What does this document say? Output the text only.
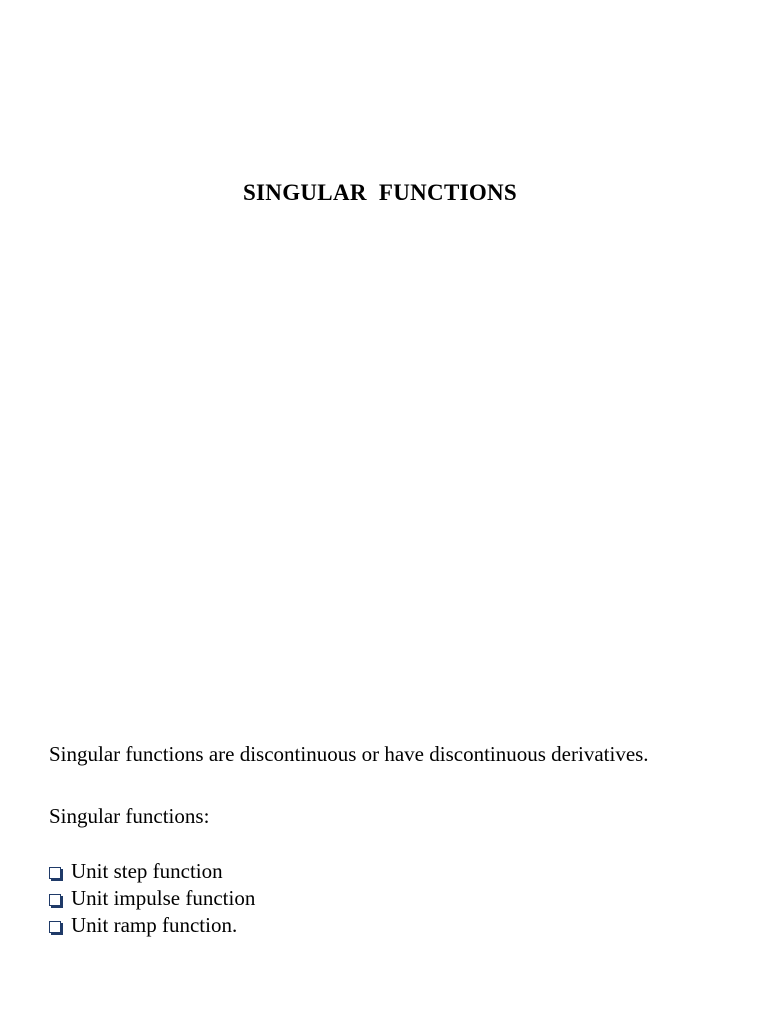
SINGULAR  FUNCTIONS
Singular functions are discontinuous or have discontinuous derivatives.
Singular functions:
Unit step function
Unit impulse function
Unit ramp function.
